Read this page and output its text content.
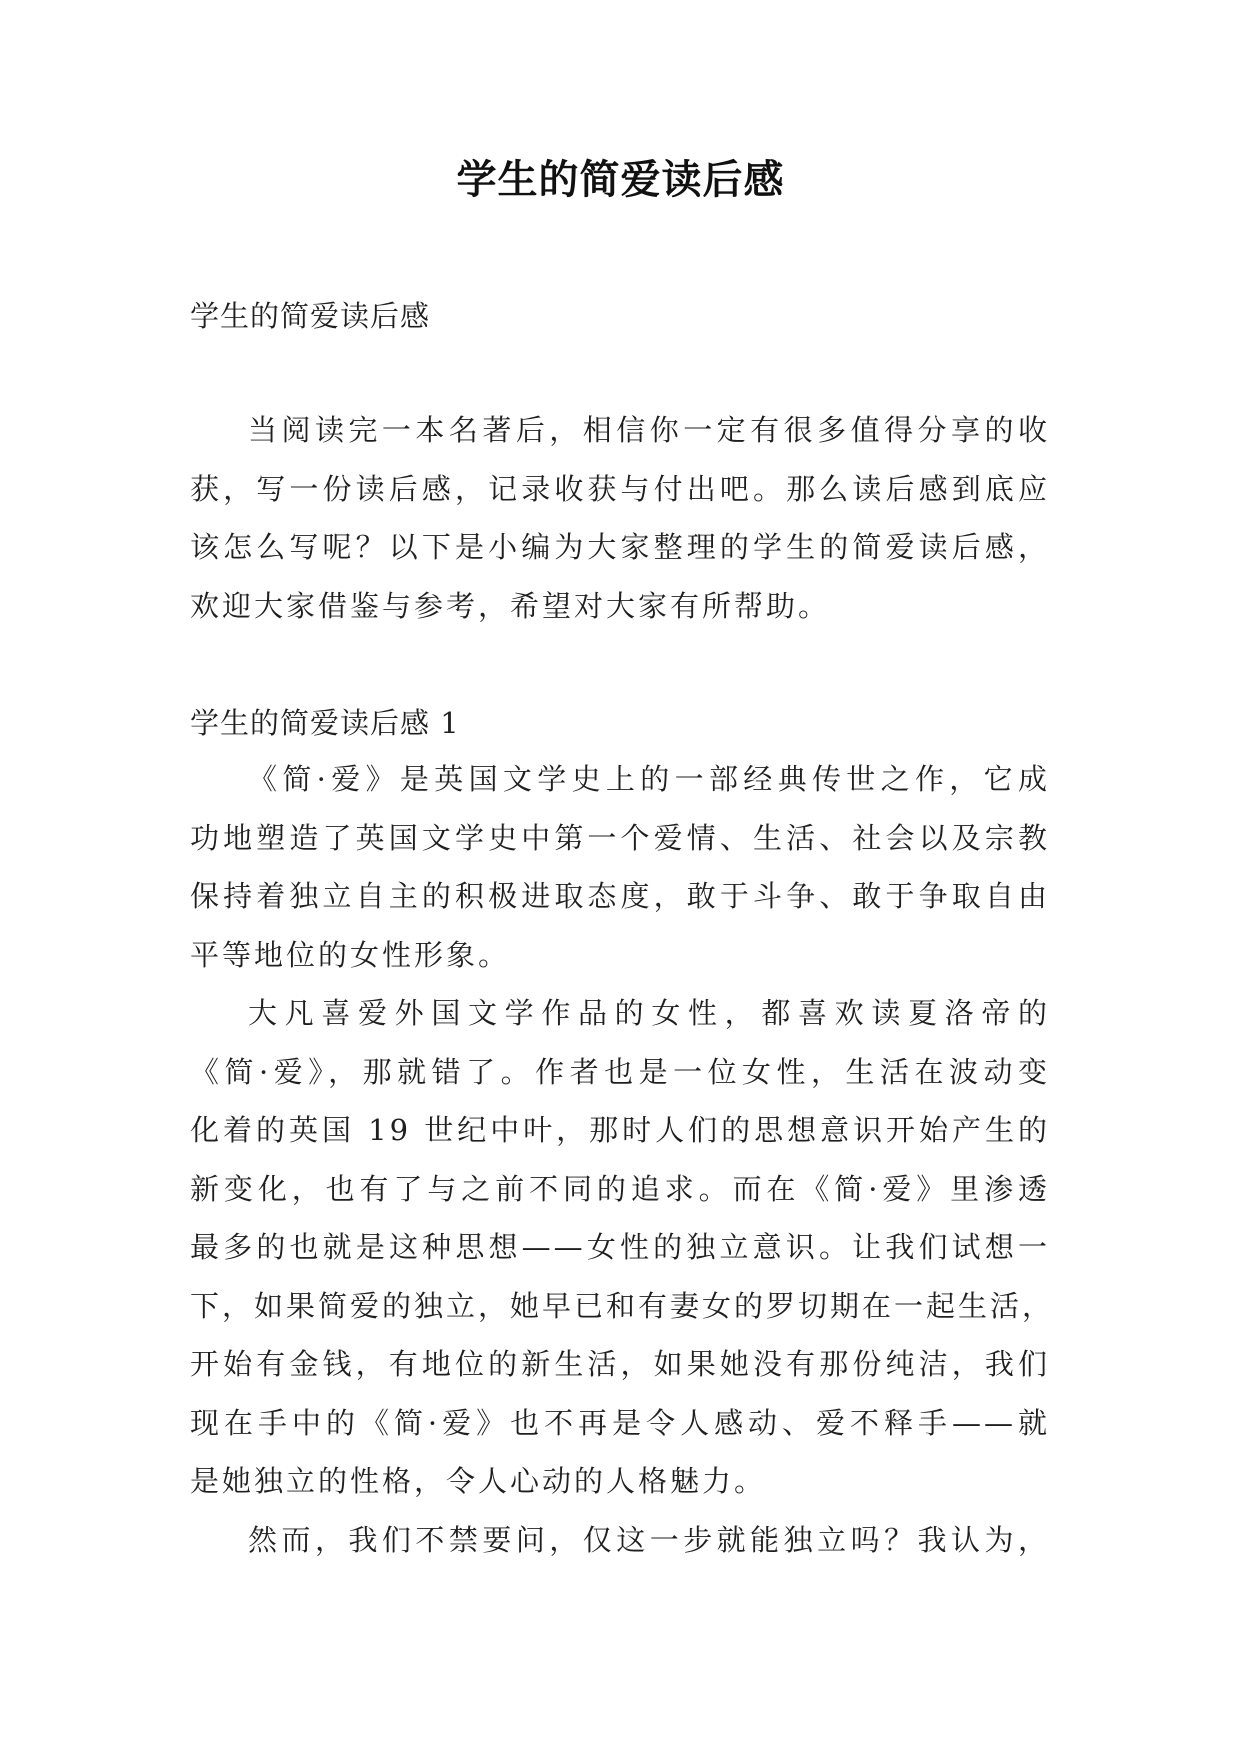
学生的简爱读后感
学生的简爱读后感
当阅读完一本名著后，相信你一定有很多值得分享的收
获，写一份读后感，记录收获与付出吧。那么读后感到底应
该怎么写呢？以下是小编为大家整理的学生的简爱读后感，
欢迎大家借鉴与参考，希望对大家有所帮助。
学生的简爱读后感 1
《简·爱》是英国文学史上的一部经典传世之作，它成
功地塑造了英国文学史中第一个爱情、生活、社会以及宗教
保持着独立自主的积极进取态度，敢于斗争、敢于争取自由
平等地位的女性形象。
大凡喜爱外国文学作品的女性，都喜欢读夏洛帝的
《简·爱》，那就错了。作者也是一位女性，生活在波动变
化着的英国 19 世纪中叶，那时人们的思想意识开始产生的
新变化，也有了与之前不同的追求。而在《简·爱》里渗透
最多的也就是这种思想——女性的独立意识。让我们试想一
下，如果简爱的独立，她早已和有妻女的罗切期在一起生活，
开始有金钱，有地位的新生活，如果她没有那份纯洁，我们
现在手中的《简·爱》也不再是令人感动、爱不释手——就
是她独立的性格，令人心动的人格魅力。
然而，我们不禁要问，仅这一步就能独立吗？我认为，
